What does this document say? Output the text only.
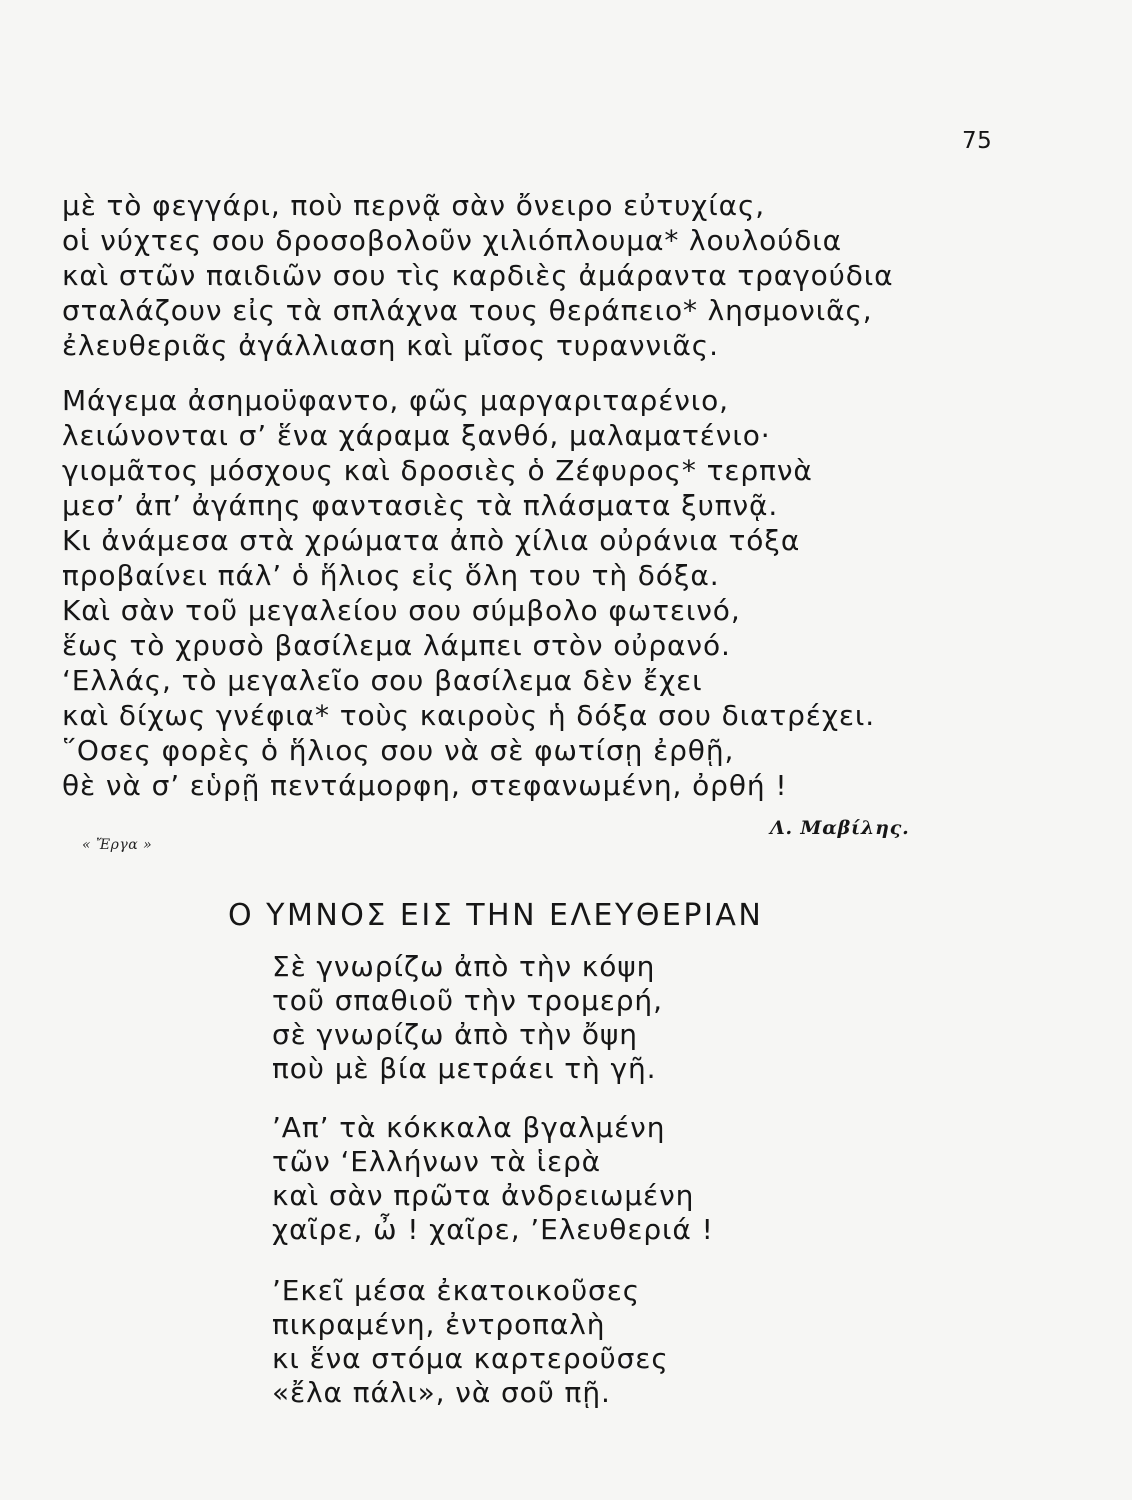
75
μὲ τὸ φεγγάρι, ποὺ περνᾷ σὰν ὄνειρο εὐτυχίας,
οἱ νύχτες σου δροσοβολοῦν χιλιόπλουμα* λουλούδια
καὶ στῶν παιδιῶν σου τὶς καρδιὲς ἀμάραντα τραγούδια
σταλάζουν εἰς τὰ σπλάχνα τους θεράπειο* λησμονιᾶς,
ἐλευθεριᾶς ἀγάλλιαση καὶ μῖσος τυραννιᾶς.
Μάγεμα ἀσημοϋφαντο, φῶς μαργαριταρένιο,
λειώνονται σ’ ἕνα χάραμα ξανθό, μαλαματένιο·
γιομᾶτος μόσχους καὶ δροσιὲς ὁ Ζέφυρος* τερπνὰ
μεσ’ ἀπ’ ἀγάπης φαντασιὲς τὰ πλάσματα ξυπνᾷ.
Κι ἀνάμεσα στὰ χρώματα ἀπὸ χίλια οὐράνια τόξα
προβαίνει πάλ’ ὁ ἥλιος εἰς ὅλη του τὴ δόξα.
Καὶ σὰν τοῦ μεγαλείου σου σύμβολο φωτεινό,
ἕως τὸ χρυσὸ βασίλεμα λάμπει στὸν οὐρανό.
‘Ελλάς, τὸ μεγαλεῖο σου βασίλεμα δὲν ἔχει
καὶ δίχως γνέφια* τοὺς καιροὺς ἡ δόξα σου διατρέχει.
῞Οσες φορὲς ὁ ἥλιος σου νὰ σὲ φωτίσῃ ἐρθῇ,
θὲ νὰ σ’ εὑρῇ πεντάμορφη, στεφανωμένη, ὀρθή !
Λ. Μαβίλης.
« Ἔργα »
Ο ΥΜΝΟΣ ΕΙΣ ΤΗΝ ΕΛΕΥΘΕΡΙΑΝ
Σὲ γνωρίζω ἀπὸ τὴν κόψη
τοῦ σπαθιοῦ τὴν τρομερή,
σὲ γνωρίζω ἀπὸ τὴν ὄψη
ποὺ μὲ βία μετράει τὴ γῆ.
’Απ’ τὰ κόκκαλα βγαλμένη
τῶν ‘Ελλήνων τὰ ἱερὰ
καὶ σὰν πρῶτα ἀνδρειωμένη
χαῖρε, ὦ ! χαῖρε, ’Ελευθεριά !
’Εκεῖ μέσα ἐκατοικοῦσες
πικραμένη, ἐντροπαλὴ
κι ἕνα στόμα καρτεροῦσες
«ἔλα πάλι», νὰ σοῦ πῇ.
